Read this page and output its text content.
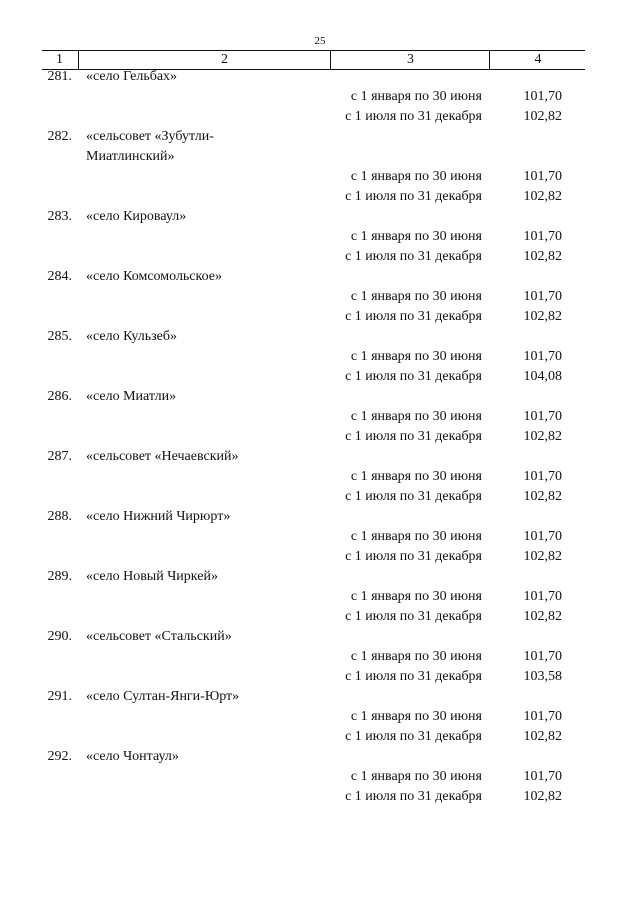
25
1	2	3	4
281. «село Гельбах»
с 1 января по 30 июня	101,70
с 1 июля по 31 декабря	102,82
282. «сельсовет «Зубутли-
Миатлинский»
с 1 января по 30 июня	101,70
с 1 июля по 31 декабря	102,82
283. «село Кироваул»
с 1 января по 30 июня	101,70
с 1 июля по 31 декабря	102,82
284. «село Комсомольское»
с 1 января по 30 июня	101,70
с 1 июля по 31 декабря	102,82
285. «село Кульзеб»
с 1 января по 30 июня	101,70
с 1 июля по 31 декабря	104,08
286. «село Миатли»
с 1 января по 30 июня	101,70
с 1 июля по 31 декабря	102,82
287. «сельсовет «Нечаевский»
с 1 января по 30 июня	101,70
с 1 июля по 31 декабря	102,82
288. «село Нижний Чирюрт»
с 1 января по 30 июня	101,70
с 1 июля по 31 декабря	102,82
289. «село Новый Чиркей»
с 1 января по 30 июня	101,70
с 1 июля по 31 декабря	102,82
290. «сельсовет «Стальский»
с 1 января по 30 июня	101,70
с 1 июля по 31 декабря	103,58
291. «село Султан-Янги-Юрт»
с 1 января по 30 июня	101,70
с 1 июля по 31 декабря	102,82
292. «село Чонтаул»
с 1 января по 30 июня	101,70
с 1 июля по 31 декабря	102,82
